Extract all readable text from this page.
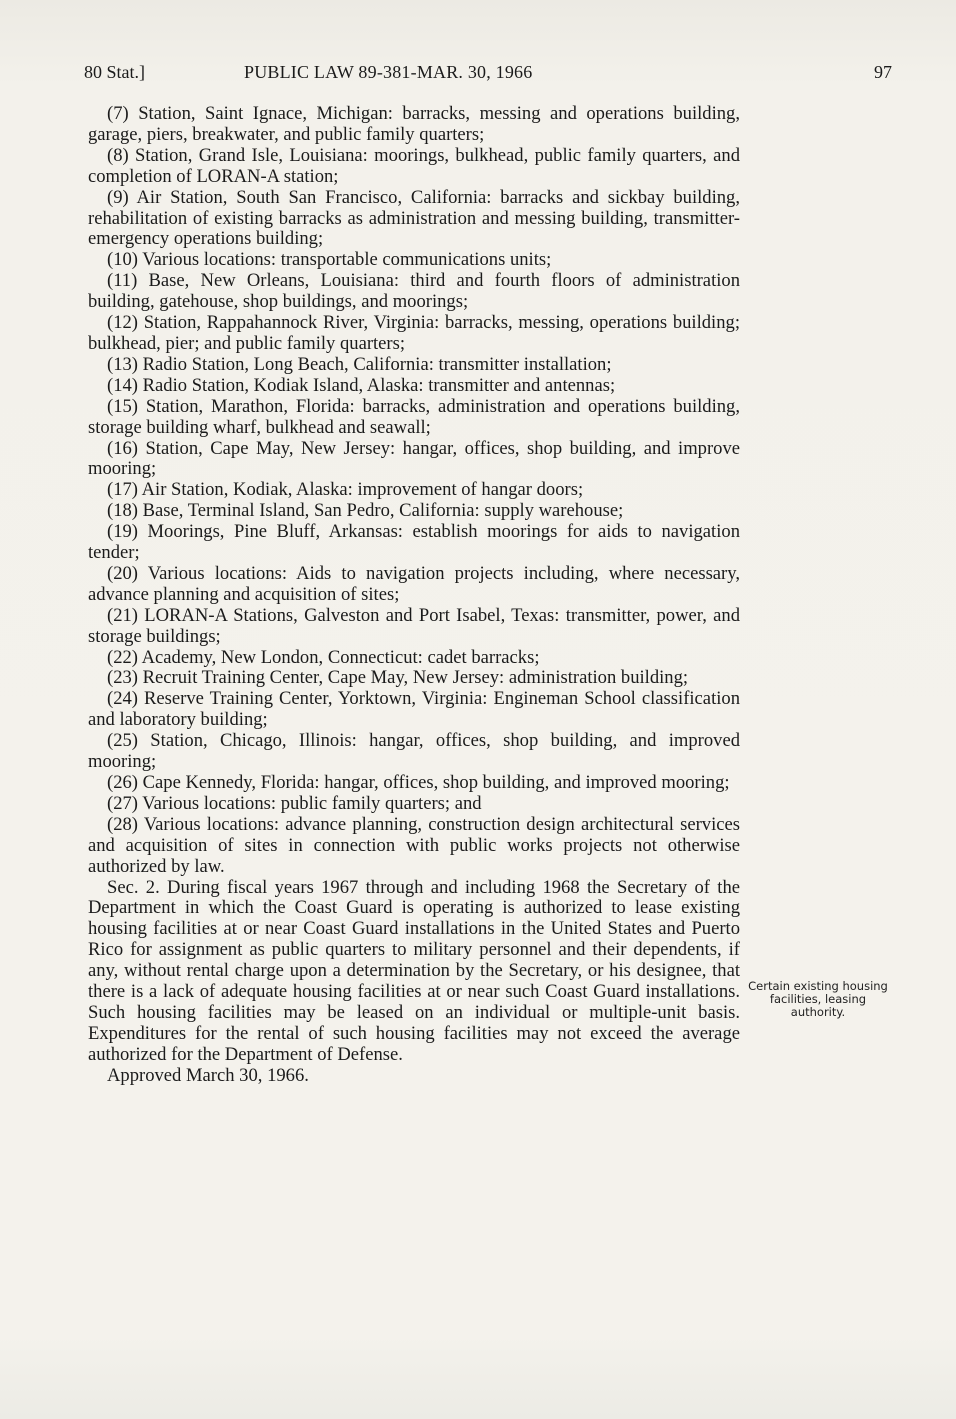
80 Stat.]	PUBLIC LAW 89-381-MAR. 30, 1966	97

(7) Station, Saint Ignace, Michigan: barracks, messing and operations building, garage, piers, breakwater, and public family quarters;

(8) Station, Grand Isle, Louisiana: moorings, bulkhead, public family quarters, and completion of LORAN-A station;

(9) Air Station, South San Francisco, California: barracks and sickbay building, rehabilitation of existing barracks as administration and messing building, transmitter-emergency operations building;

(10) Various locations: transportable communications units;

(11) Base, New Orleans, Louisiana: third and fourth floors of administration building, gatehouse, shop buildings, and moorings;

(12) Station, Rappahannock River, Virginia: barracks, messing, operations building; bulkhead, pier; and public family quarters;

(13) Radio Station, Long Beach, California: transmitter installation;

(14) Radio Station, Kodiak Island, Alaska: transmitter and antennas;

(15) Station, Marathon, Florida: barracks, administration and operations building, storage building wharf, bulkhead and seawall;

(16) Station, Cape May, New Jersey: hangar, offices, shop building, and improve mooring;

(17) Air Station, Kodiak, Alaska: improvement of hangar doors;

(18) Base, Terminal Island, San Pedro, California: supply warehouse;

(19) Moorings, Pine Bluff, Arkansas: establish moorings for aids to navigation tender;

(20) Various locations: Aids to navigation projects including, where necessary, advance planning and acquisition of sites;

(21) LORAN-A Stations, Galveston and Port Isabel, Texas: transmitter, power, and storage buildings;

(22) Academy, New London, Connecticut: cadet barracks;

(23) Recruit Training Center, Cape May, New Jersey: administration building;

(24) Reserve Training Center, Yorktown, Virginia: Engineman School classification and laboratory building;

(25) Station, Chicago, Illinois: hangar, offices, shop building, and improved mooring;

(26) Cape Kennedy, Florida: hangar, offices, shop building, and improved mooring;

(27) Various locations: public family quarters; and

(28) Various locations: advance planning, construction design architectural services and acquisition of sites in connection with public works projects not otherwise authorized by law.

Sec. 2. During fiscal years 1967 through and including 1968 the Secretary of the Department in which the Coast Guard is operating is authorized to lease existing housing facilities at or near Coast Guard installations in the United States and Puerto Rico for assignment as public quarters to military personnel and their dependents, if any, without rental charge upon a determination by the Secretary, or his designee, that there is a lack of adequate housing facilities at or near such Coast Guard installations. Such housing facilities may be leased on an individual or multiple-unit basis. Expenditures for the rental of such housing facilities may not exceed the average authorized for the Department of Defense.

Approved March 30, 1966.

Certain existing housing facilities, leasing authority.
